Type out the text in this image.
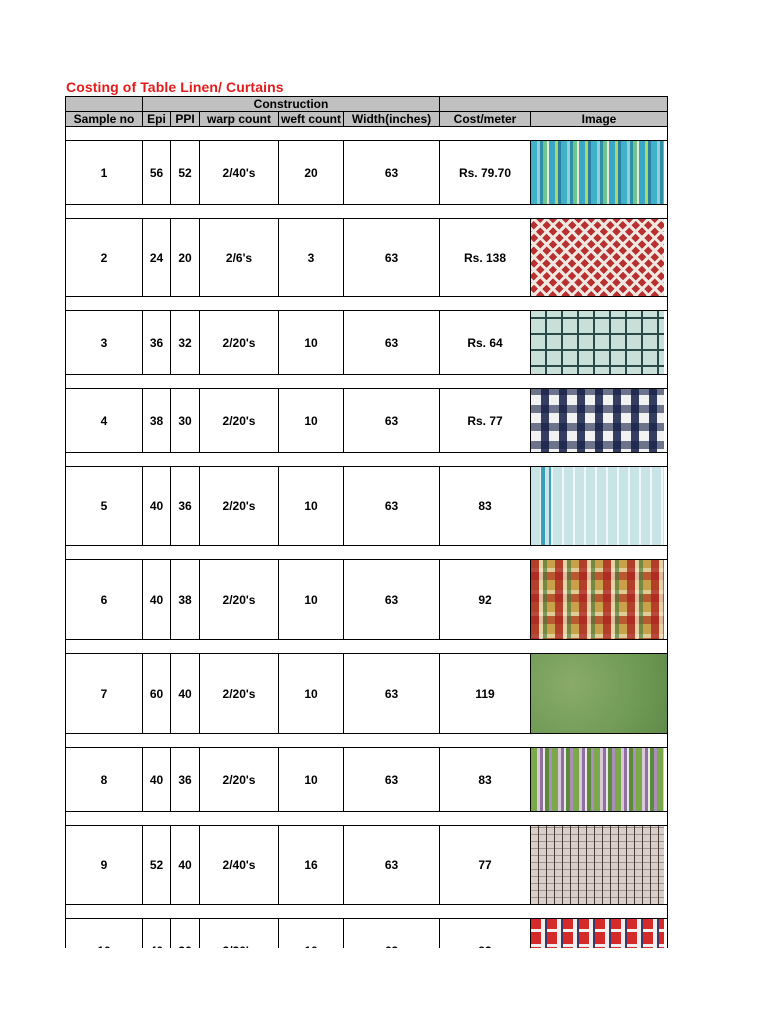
Costing of Table Linen/ Curtains
	Construction						
Sample no	Epi	PPI	warp count	weft count	Width(inches)	Cost/meter	Image

1	56	52	2/40's	20	63	Rs. 79.70	

2	24	20	2/6's	3	63	Rs. 138	

3	36	32	2/20's	10	63	Rs. 64	

4	38	30	2/20's	10	63	Rs. 77	

5	40	36	2/20's	10	63	83	

6	40	38	2/20's	10	63	92	

7	60	40	2/20's	10	63	119	

8	40	36	2/20's	10	63	83	

9	52	40	2/40's	16	63	77	
